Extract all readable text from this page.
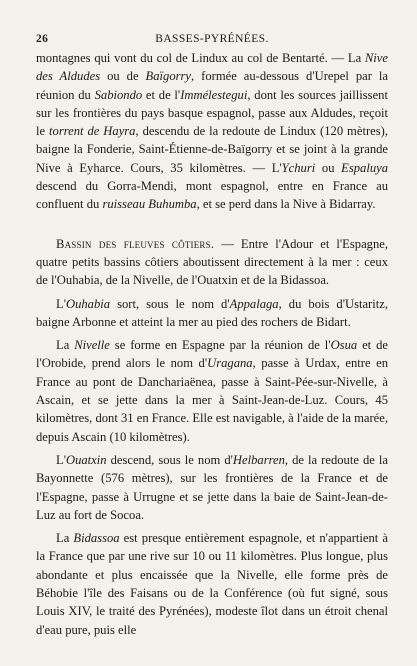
26	BASSES-PYRÉNÉES.

montagnes qui vont du col de Lindux au col de Bentarté. — La Nive des Aldudes ou de Baïgorry, formée au-dessous d'Urepel par la réunion du Sabiondo et de l'Immélestegui, dont les sources jaillissent sur les frontières du pays basque espagnol, passe aux Aldudes, reçoit le torrent de Hayra, descendu de la redoute de Lindux (120 mètres), baigne la Fonderie, Saint-Étienne-de-Baïgorry et se joint à la grande Nive à Eyharce. Cours, 35 kilomètres. — L'Ychuri ou Espaluya descend du Gorra-Mendi, mont espagnol, entre en France au confluent du ruisseau Buhumba, et se perd dans la Nive à Bidarray.

Bassin des fleuves côtiers. — Entre l'Adour et l'Espagne, quatre petits bassins côtiers aboutissent directement à la mer : ceux de l'Ouhabia, de la Nivelle, de l'Ouatxin et de la Bidassoa.

L'Ouhabia sort, sous le nom d'Appalaga, du bois d'Ustaritz, baigne Arbonne et atteint la mer au pied des rochers de Bidart.

La Nivelle se forme en Espagne par la réunion de l'Osua et de l'Orobide, prend alors le nom d'Uragana, passe à Urdax, entre en France au pont de Danchariaënea, passe à Saint-Pée-sur-Nivelle, à Ascain, et se jette dans la mer à Saint-Jean-de-Luz. Cours, 45 kilomètres, dont 31 en France. Elle est navigable, à l'aide de la marée, depuis Ascain (10 kilomètres).

L'Ouatxin descend, sous le nom d'Helbarren, de la redoute de la Bayonnette (576 mètres), sur les frontières de la France et de l'Espagne, passe à Urrugne et se jette dans la baie de Saint-Jean-de-Luz au fort de Socoa.

La Bidassoa est presque entièrement espagnole, et n'appartient à la France que par une rive sur 10 ou 11 kilomètres. Plus longue, plus abondante et plus encaissée que la Nivelle, elle forme près de Béhobie l'île des Faisans ou de la Conférence (où fut signé, sous Louis XIV, le traité des Pyrénées), modeste îlot dans un étroit chenal d'eau pure, puis elle
